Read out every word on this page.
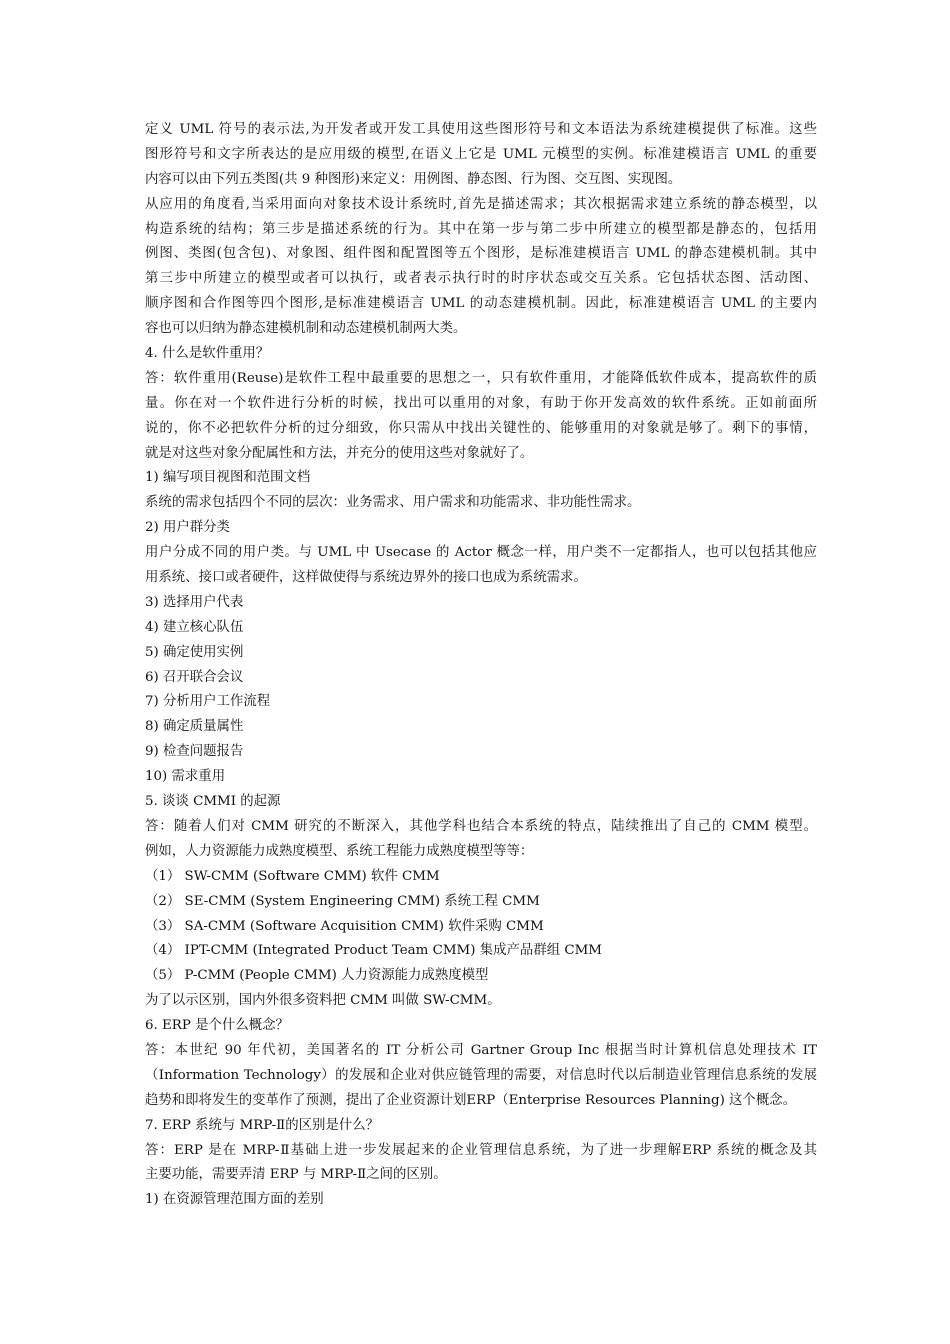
定义 UML 符号的表示法,为开发者或开发工具使用这些图形符号和文本语法为系统建模提供了标准。这些
图形符号和文字所表达的是应用级的模型,在语义上它是 UML 元模型的实例。标准建模语言 UML 的重要
内容可以由下列五类图(共 9 种图形)来定义：用例图、静态图、行为图、交互图、实现图。
从应用的角度看,当采用面向对象技术设计系统时,首先是描述需求；其次根据需求建立系统的静态模型，以
构造系统的结构；第三步是描述系统的行为。其中在第一步与第二步中所建立的模型都是静态的，包括用
例图、类图(包含包)、对象图、组件图和配置图等五个图形，是标准建模语言 UML 的静态建模机制。其中
第三步中所建立的模型或者可以执行，或者表示执行时的时序状态或交互关系。它包括状态图、活动图、
顺序图和合作图等四个图形,是标准建模语言 UML 的动态建模机制。因此，标准建模语言 UML 的主要内
容也可以归纳为静态建模机制和动态建模机制两大类。
4. 什么是软件重用？
答：软件重用(Reuse)是软件工程中最重要的思想之一，只有软件重用，才能降低软件成本，提高软件的质
量。你在对一个软件进行分析的时候，找出可以重用的对象，有助于你开发高效的软件系统。正如前面所
说的，你不必把软件分析的过分细致，你只需从中找出关键性的、能够重用的对象就是够了。剩下的事情，
就是对这些对象分配属性和方法，并充分的使用这些对象就好了。
1) 编写项目视图和范围文档
系统的需求包括四个不同的层次：业务需求、用户需求和功能需求、非功能性需求。
2) 用户群分类
用户分成不同的用户类。与 UML 中 Usecase 的 Actor 概念一样，用户类不一定都指人，也可以包括其他应
用系统、接口或者硬件，这样做使得与系统边界外的接口也成为系统需求。
3) 选择用户代表
4) 建立核心队伍
5) 确定使用实例
6) 召开联合会议
7) 分析用户工作流程
8) 确定质量属性
9) 检查问题报告
10) 需求重用
5. 谈谈 CMMI 的起源
答：随着人们对 CMM 研究的不断深入，其他学科也结合本系统的特点，陆续推出了自己的 CMM 模型。
例如，人力资源能力成熟度模型、系统工程能力成熟度模型等等：
（1） SW-CMM (Software CMM) 软件 CMM
（2） SE-CMM (System Engineering CMM) 系统工程 CMM
（3） SA-CMM (Software Acquisition CMM) 软件采购 CMM
（4） IPT-CMM (Integrated Product Team CMM) 集成产品群组 CMM
（5） P-CMM (People CMM) 人力资源能力成熟度模型
为了以示区别，国内外很多资料把 CMM 叫做 SW-CMM。
6. ERP 是个什么概念？
答：本世纪 90 年代初，美国著名的 IT 分析公司 Gartner Group Inc 根据当时计算机信息处理技术 IT
（Information Technology）的发展和企业对供应链管理的需要，对信息时代以后制造业管理信息系统的发展
趋势和即将发生的变革作了预测，提出了企业资源计划ERP（Enterprise Resources Planning) 这个概念。
7. ERP 系统与 MRP-Ⅱ的区别是什么？
答：ERP 是在 MRP-Ⅱ基础上进一步发展起来的企业管理信息系统，为了进一步理解ERP 系统的概念及其
主要功能，需要弄清 ERP 与 MRP-Ⅱ之间的区别。
1) 在资源管理范围方面的差别
